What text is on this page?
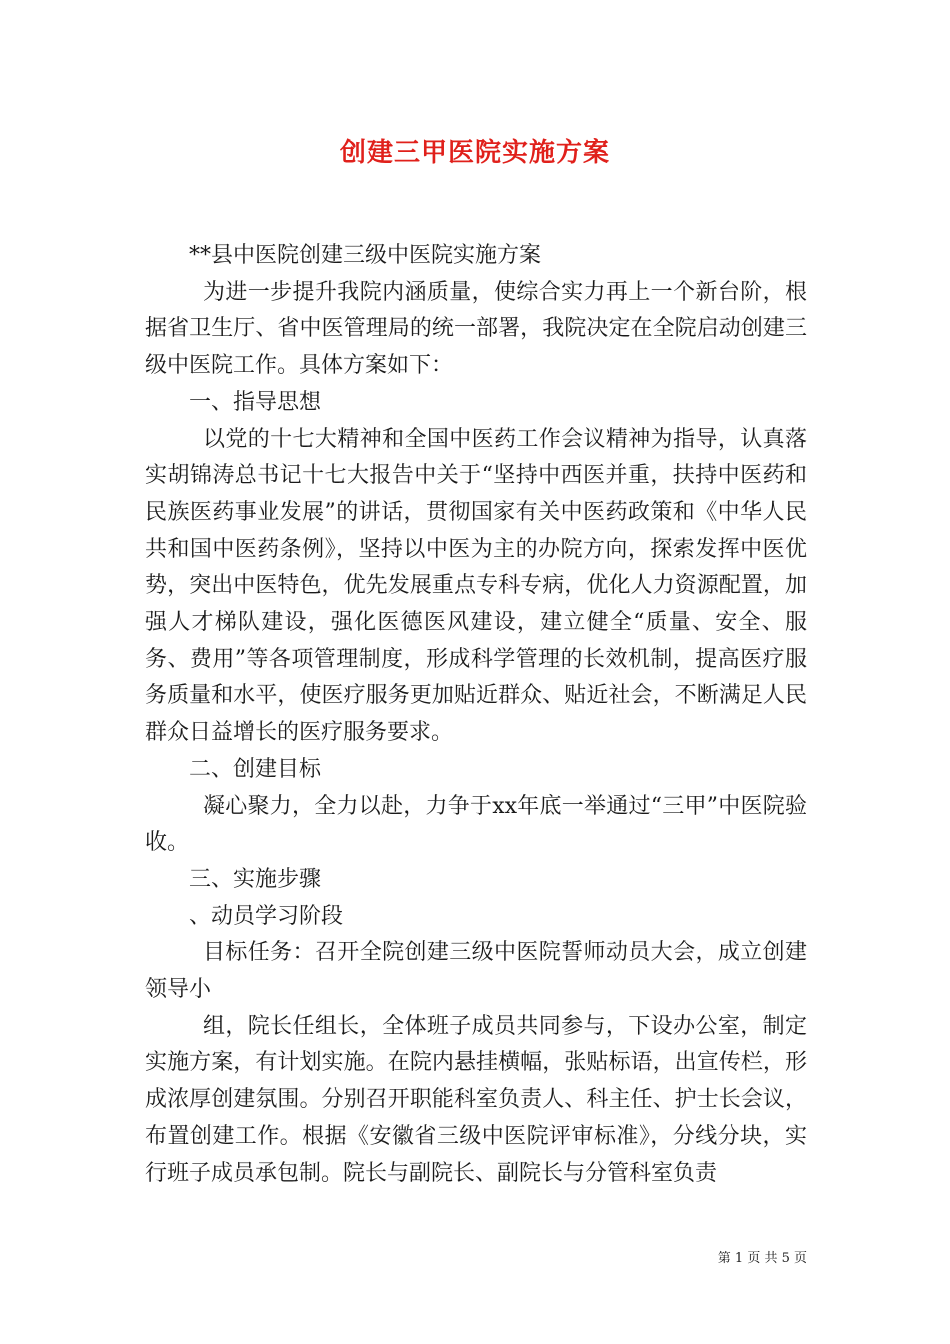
创建三甲医院实施方案

**县中医院创建三级中医院实施方案

为进一步提升我院内涵质量，使综合实力再上一个新台阶，根据省卫生厅、省中医管理局的统一部署，我院决定在全院启动创建三级中医院工作。具体方案如下：

一、指导思想

以党的十七大精神和全国中医药工作会议精神为指导，认真落实胡锦涛总书记十七大报告中关于“坚持中西医并重，扶持中医药和民族医药事业发展”的讲话，贯彻国家有关中医药政策和《中华人民共和国中医药条例》，坚持以中医为主的办院方向，探索发挥中医优势，突出中医特色，优先发展重点专科专病，优化人力资源配置，加强人才梯队建设，强化医德医风建设，建立健全“质量、安全、服务、费用”等各项管理制度，形成科学管理的长效机制，提高医疗服务质量和水平，使医疗服务更加贴近群众、贴近社会，不断满足人民群众日益增长的医疗服务要求。

二、创建目标

凝心聚力，全力以赴，力争于xx年底一举通过“三甲”中医院验收。

三、实施步骤

、动员学习阶段

目标任务：召开全院创建三级中医院誓师动员大会，成立创建领导小

组，院长任组长，全体班子成员共同参与，下设办公室，制定实施方案，有计划实施。在院内悬挂横幅，张贴标语，出宣传栏，形成浓厚创建氛围。分别召开职能科室负责人、科主任、护士长会议，布置创建工作。根据《安徽省三级中医院评审标准》，分线分块，实行班子成员承包制。院长与副院长、副院长与分管科室负责

第 1 页 共 5 页
